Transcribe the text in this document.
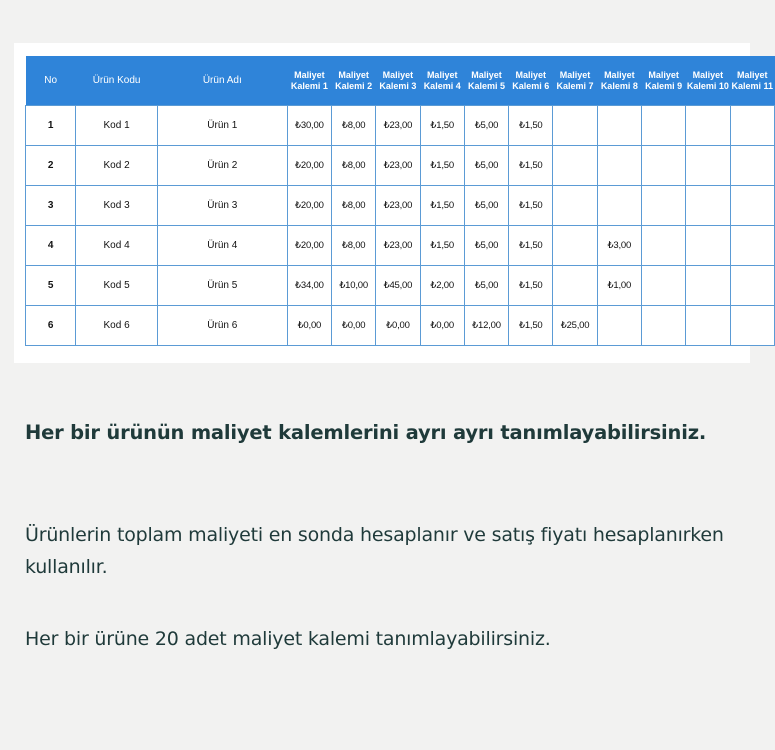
No	Ürün Kodu	Ürün Adı	Maliyet Kalemi 1	Maliyet Kalemi 2	Maliyet Kalemi 3	Maliyet Kalemi 4	Maliyet Kalemi 5	Maliyet Kalemi 6	Maliyet Kalemi 7	Maliyet Kalemi 8	Maliyet Kalemi 9	Maliyet Kalemi 10	Maliyet Kalemi 11
1	Kod 1	Ürün 1	₺30,00	₺8,00	₺23,00	₺1,50	₺5,00	₺1,50					
2	Kod 2	Ürün 2	₺20,00	₺8,00	₺23,00	₺1,50	₺5,00	₺1,50					
3	Kod 3	Ürün 3	₺20,00	₺8,00	₺23,00	₺1,50	₺5,00	₺1,50					
4	Kod 4	Ürün 4	₺20,00	₺8,00	₺23,00	₺1,50	₺5,00	₺1,50		₺3,00			
5	Kod 5	Ürün 5	₺34,00	₺10,00	₺45,00	₺2,00	₺5,00	₺1,50		₺1,00			
6	Kod 6	Ürün 6	₺0,00	₺0,00	₺0,00	₺0,00	₺12,00	₺1,50	₺25,00				
Her bir ürünün maliyet kalemlerini ayrı ayrı tanımlayabilirsiniz.
Ürünlerin toplam maliyeti en sonda hesaplanır ve satış fiyatı hesaplanırken kullanılır.
Her bir ürüne 20 adet maliyet kalemi tanımlayabilirsiniz.
